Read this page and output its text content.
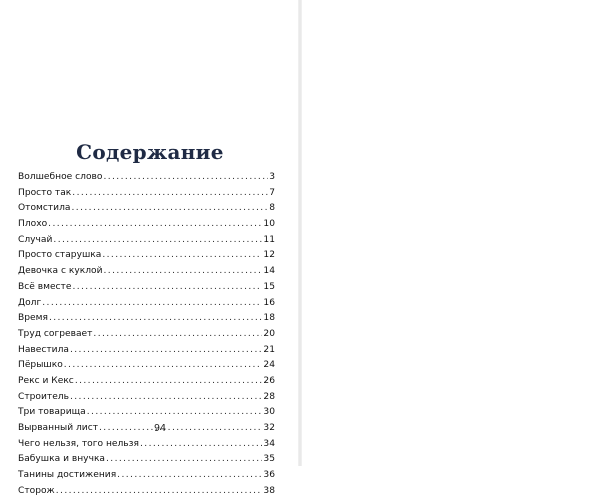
Содержание
Волшебное слово .....	3
Просто так .....	7
Отомстила .....	8
Плохо .....	10
Случай .....	11
Просто старушка .....	12
Девочка с куклой .....	14
Всё вместе .....	15
Долг .....	16
Время .....	18
Труд согревает .....	20
Навестила .....	21
Пёрышко .....	24
Рекс и Кекс .....	26
Строитель .....	28
Три товарища .....	30
Вырванный лист .....	32
Чего нельзя, того нельзя .....	34
Бабушка и внучка .....	35
Танины достижения .....	36
Сторож .....	38
94
